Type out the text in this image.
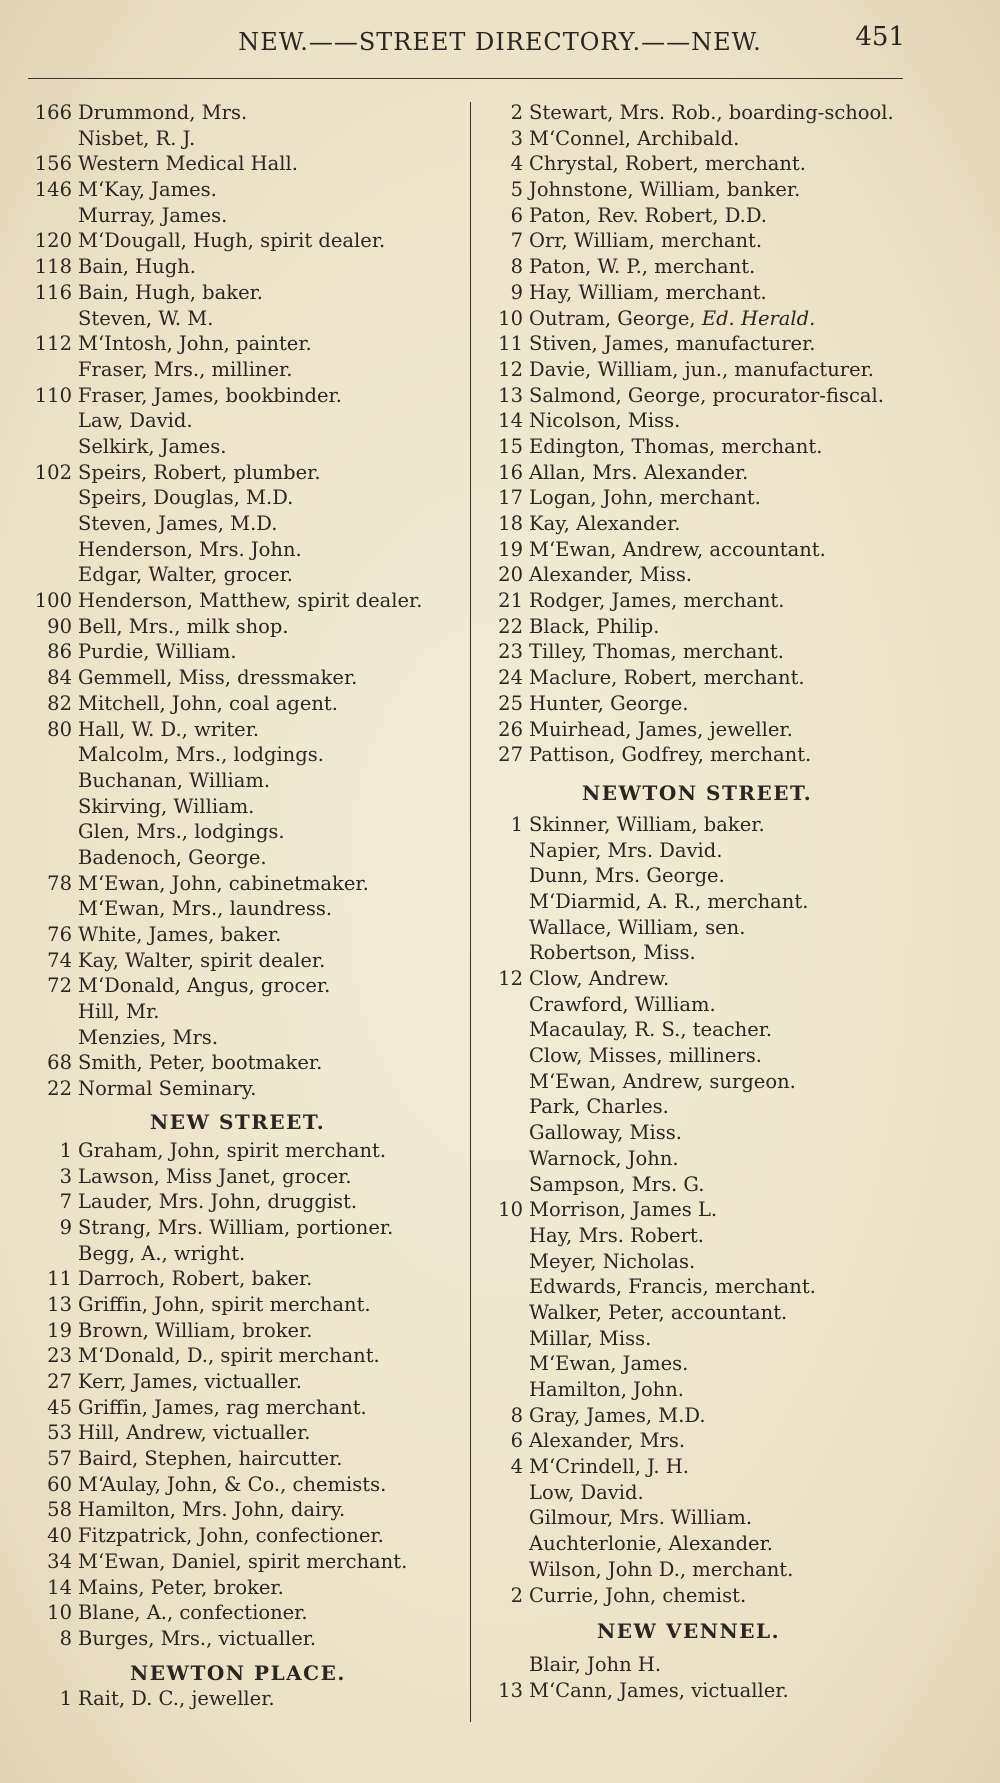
NEW.——STREET DIRECTORY.——NEW.	451
166 Drummond, Mrs.
Nisbet, R. J.
156 Western Medical Hall.
146 M‘Kay, James.
Murray, James.
120 M‘Dougall, Hugh, spirit dealer.
118 Bain, Hugh.
116 Bain, Hugh, baker.
Steven, W. M.
112 M‘Intosh, John, painter.
Fraser, Mrs., milliner.
110 Fraser, James, bookbinder.
Law, David.
Selkirk, James.
102 Speirs, Robert, plumber.
Speirs, Douglas, M.D.
Steven, James, M.D.
Henderson, Mrs. John.
Edgar, Walter, grocer.
100 Henderson, Matthew, spirit dealer.
90 Bell, Mrs., milk shop.
86 Purdie, William.
84 Gemmell, Miss, dressmaker.
82 Mitchell, John, coal agent.
80 Hall, W. D., writer.
Malcolm, Mrs., lodgings.
Buchanan, William.
Skirving, William.
Glen, Mrs., lodgings.
Badenoch, George.
78 M‘Ewan, John, cabinetmaker.
M‘Ewan, Mrs., laundress.
76 White, James, baker.
74 Kay, Walter, spirit dealer.
72 M‘Donald, Angus, grocer.
Hill, Mr.
Menzies, Mrs.
68 Smith, Peter, bootmaker.
22 Normal Seminary.
NEW STREET.
1 Graham, John, spirit merchant.
3 Lawson, Miss Janet, grocer.
7 Lauder, Mrs. John, druggist.
9 Strang, Mrs. William, portioner.
Begg, A., wright.
11 Darroch, Robert, baker.
13 Griffin, John, spirit merchant.
19 Brown, William, broker.
23 M‘Donald, D., spirit merchant.
27 Kerr, James, victualler.
45 Griffin, James, rag merchant.
53 Hill, Andrew, victualler.
57 Baird, Stephen, haircutter.
60 M‘Aulay, John, & Co., chemists.
58 Hamilton, Mrs. John, dairy.
40 Fitzpatrick, John, confectioner.
34 M‘Ewan, Daniel, spirit merchant.
14 Mains, Peter, broker.
10 Blane, A., confectioner.
8 Burges, Mrs., victualler.
NEWTON PLACE.
1 Rait, D. C., jeweller.
2 Stewart, Mrs. Rob., boarding-school.
3 M‘Connel, Archibald.
4 Chrystal, Robert, merchant.
5 Johnstone, William, banker.
6 Paton, Rev. Robert, D.D.
7 Orr, William, merchant.
8 Paton, W. P., merchant.
9 Hay, William, merchant.
10 Outram, George, Ed. Herald.
11 Stiven, James, manufacturer.
12 Davie, William, jun., manufacturer.
13 Salmond, George, procurator-fiscal.
14 Nicolson, Miss.
15 Edington, Thomas, merchant.
16 Allan, Mrs. Alexander.
17 Logan, John, merchant.
18 Kay, Alexander.
19 M‘Ewan, Andrew, accountant.
20 Alexander, Miss.
21 Rodger, James, merchant.
22 Black, Philip.
23 Tilley, Thomas, merchant.
24 Maclure, Robert, merchant.
25 Hunter, George.
26 Muirhead, James, jeweller.
27 Pattison, Godfrey, merchant.
NEWTON STREET.
1 Skinner, William, baker.
Napier, Mrs. David.
Dunn, Mrs. George.
M‘Diarmid, A. R., merchant.
Wallace, William, sen.
Robertson, Miss.
12 Clow, Andrew.
Crawford, William.
Macaulay, R. S., teacher.
Clow, Misses, milliners.
M‘Ewan, Andrew, surgeon.
Park, Charles.
Galloway, Miss.
Warnock, John.
Sampson, Mrs. G.
10 Morrison, James L.
Hay, Mrs. Robert.
Meyer, Nicholas.
Edwards, Francis, merchant.
Walker, Peter, accountant.
Millar, Miss.
M‘Ewan, James.
Hamilton, John.
8 Gray, James, M.D.
6 Alexander, Mrs.
4 M‘Crindell, J. H.
Low, David.
Gilmour, Mrs. William.
Auchterlonie, Alexander.
Wilson, John D., merchant.
2 Currie, John, chemist.
NEW VENNEL.
Blair, John H.
13 M‘Cann, James, victualler.
